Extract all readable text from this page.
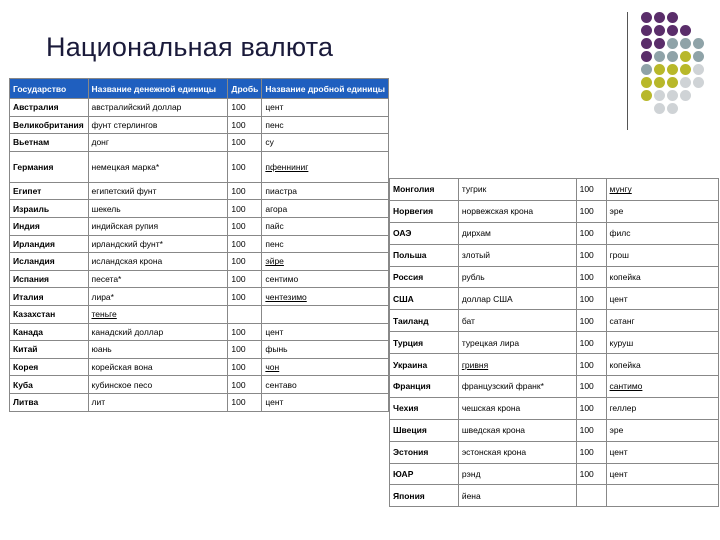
Национальная валюта
Государство	Название денежной единицы	Дробь	Название дробной единицы
Австралия	австралийский доллар	100	цент
Великобритания	фунт стерлингов	100	пенс
Вьетнам	донг	100	су
Германия	немецкая марка*	100	пфенниниг
Египет	египетский фунт	100	пиастра
Израиль	шекель	100	агора
Индия	индийская рупия	100	пайс
Ирландия	ирландский фунт*	100	пенс
Исландия	исландская крона	100	эйре
Испания	песета*	100	сентимо
Италия	лира*	100	чентезимо
Казахстан	теньге		
Канада	канадский доллар	100	цент
Китай	юань	100	фынь
Корея	корейская вона	100	чон
Куба	кубинское песо	100	сентаво
Литва	лит	100	цент
Монголия	тугрик	100	мунгу
Норвегия	норвежская крона	100	эре
ОАЭ	дирхам	100	филс
Польша	злотый	100	грош
Россия	рубль	100	копейка
США	доллар США	100	цент
Таиланд	бат	100	сатанг
Турция	турецкая лира	100	куруш
Украина	гривня	100	копейка
Франция	французский франк*	100	сантимо
Чехия	чешская крона	100	геллер
Швеция	шведская крона	100	эре
Эстония	эстонская крона	100	цент
ЮАР	рэнд	100	цент
Япония	йена		
